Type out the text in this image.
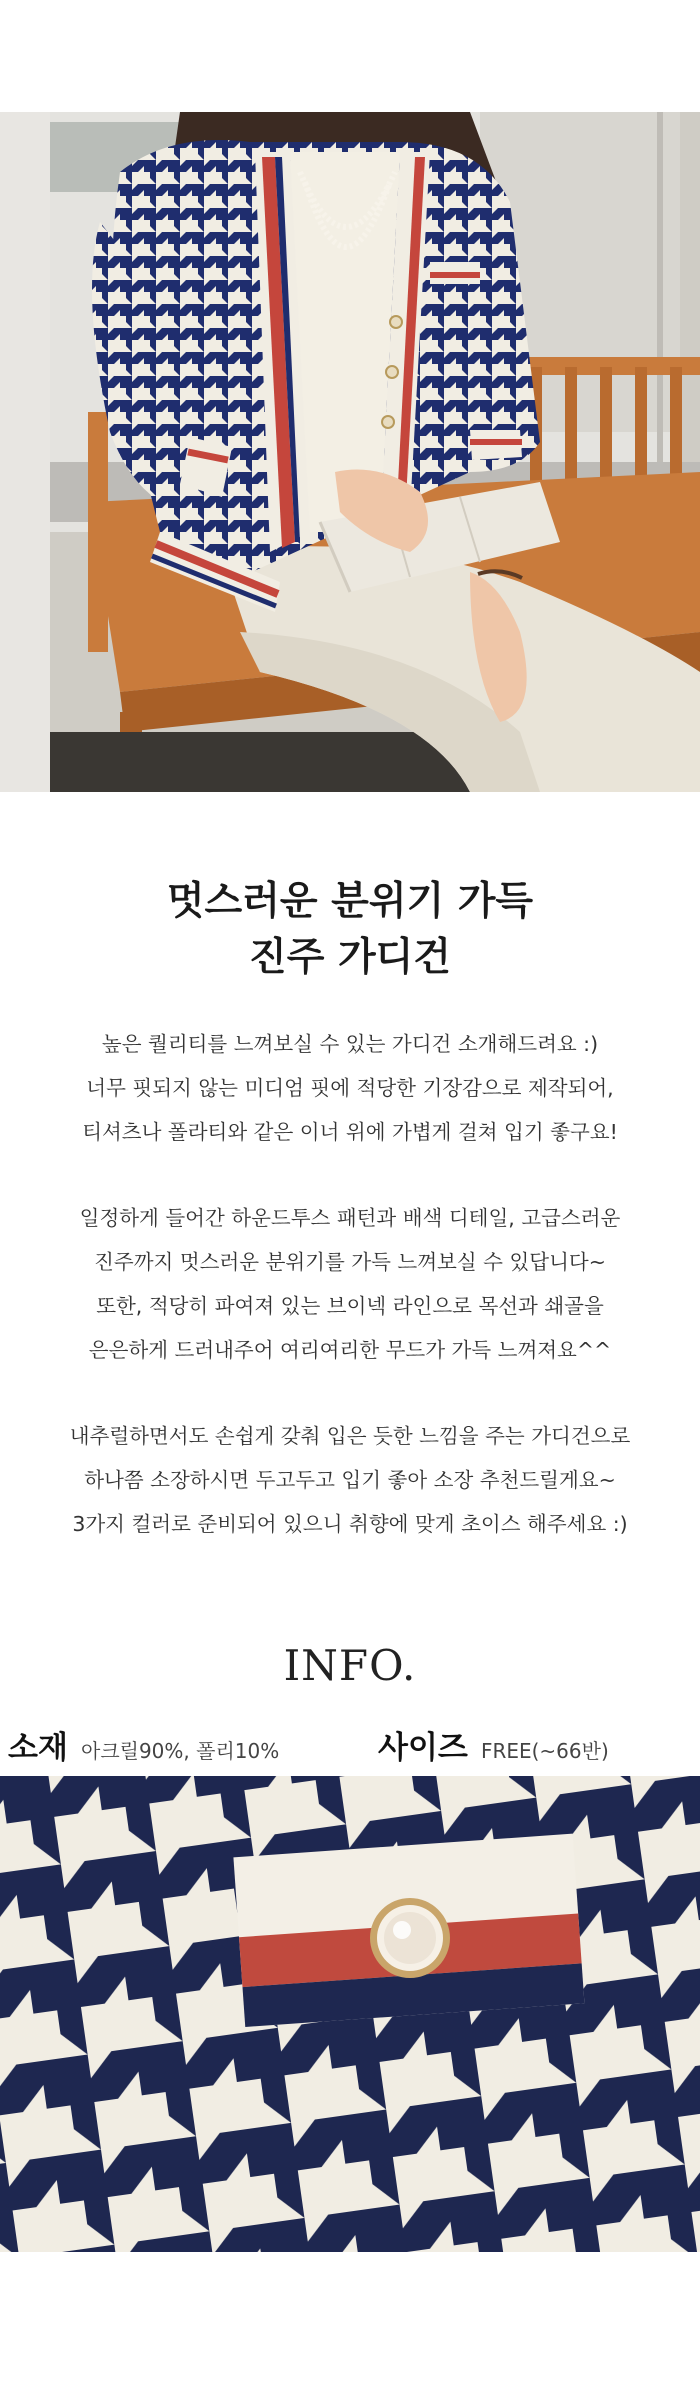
멋스러운 분위기 가득
진주 가디건

높은 퀄리티를 느껴보실 수 있는 가디건 소개해드려요 :)
너무 핏되지 않는 미디엄 핏에 적당한 기장감으로 제작되어,
티셔츠나 폴라티와 같은 이너 위에 가볍게 걸쳐 입기 좋구요!

일정하게 들어간 하운드투스 패턴과 배색 디테일, 고급스러운
진주까지 멋스러운 분위기를 가득 느껴보실 수 있답니다~
또한, 적당히 파여져 있는 브이넥 라인으로 목선과 쇄골을
은은하게 드러내주어 여리여리한 무드가 가득 느껴져요^^

내추럴하면서도 손쉽게 갖춰 입은 듯한 느낌을 주는 가디건으로
하나쯤 소장하시면 두고두고 입기 좋아 소장 추천드릴게요~
3가지 컬러로 준비되어 있으니 취향에 맞게 초이스 해주세요 :)

INFO.
소재 아크릴90%, 폴리10%	사이즈 FREE(~66반)
